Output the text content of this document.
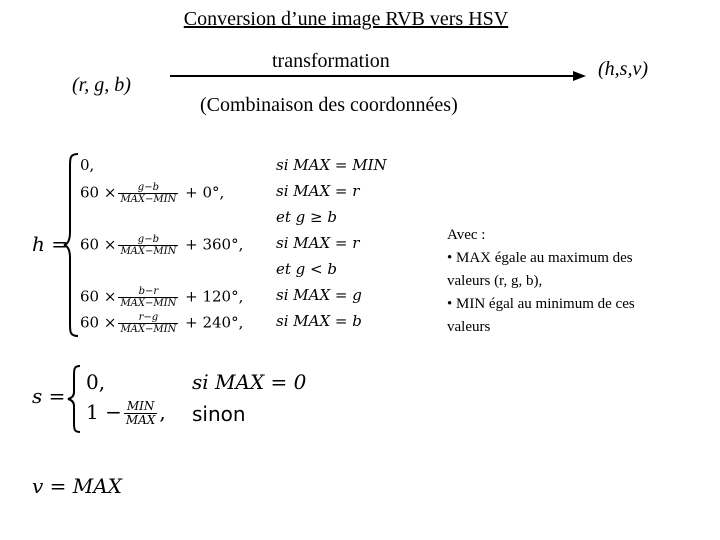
Conversion d’une image RVB vers HSV
(r, g, b)
transformation	(h,s,v)
(Combinaison des coordonnées)
h =
0,	si MAX = MIN
$60 \times \frac{g-b}{\text{MAX−MIN}} + 0^\circ$,	si MAX = r
et g ≥ b
$60 \times \frac{g-b}{\text{MAX−MIN}} + 360^\circ$, si MAX = r
et g < b
$60 \times \frac{b-r}{\text{MAX−MIN}} + 120^\circ$, si MAX = g
$60 \times \frac{r-g}{\text{MAX−MIN}} + 240^\circ$, si MAX = b
s =
0,	si MAX = 0
$1 - \frac{\text{MIN}}{\text{MAX}}$ , sinon
v = MAX
Avec :
• MAX égale au maximum des
valeurs (r, g, b),
• MIN égal au minimum de ces
valeurs
